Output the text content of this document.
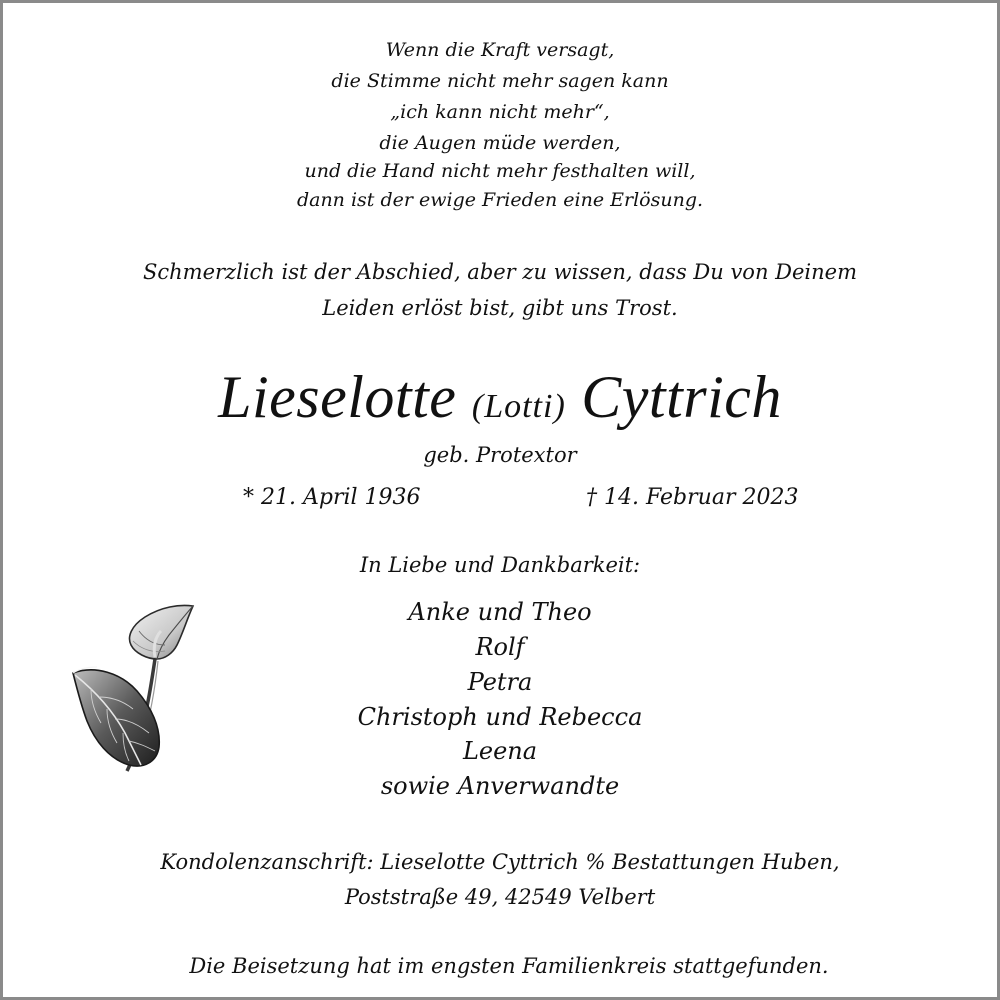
Wenn die Kraft versagt,
die Stimme nicht mehr sagen kann
„ich kann nicht mehr“,
die Augen müde werden,
und die Hand nicht mehr festhalten will,
dann ist der ewige Frieden eine Erlösung.
Schmerzlich ist der Abschied, aber zu wissen, dass Du von Deinem
Leiden erlöst bist, gibt uns Trost.
Lieselotte (Lotti) Cyttrich
geb. Protextor
* 21. April 1936	† 14. Februar 2023
In Liebe und Dankbarkeit:
Anke und Theo
Rolf
Petra
Christoph und Rebecca
Leena
sowie Anverwandte
Kondolenzanschrift: Lieselotte Cyttrich % Bestattungen Huben,
Poststraße 49, 42549 Velbert
Die Beisetzung hat im engsten Familienkreis stattgefunden.
